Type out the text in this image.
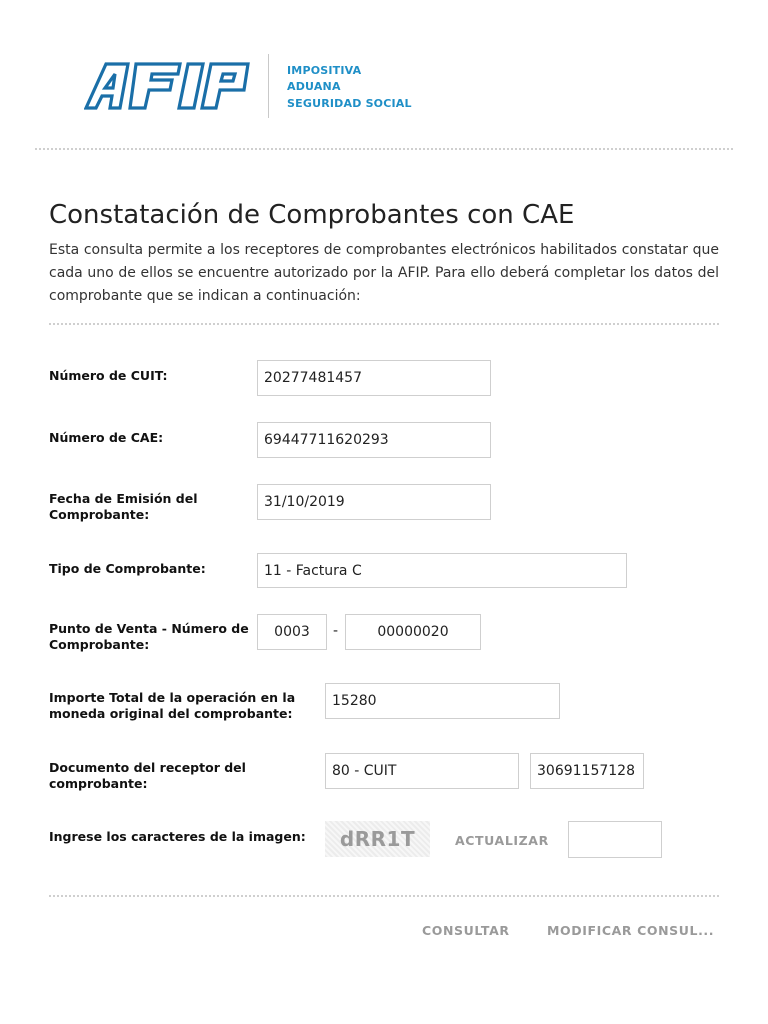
IMPOSITIVA
ADUANA
SEGURIDAD SOCIAL
Constatación de Comprobantes con CAE
Esta consulta permite a los receptores de comprobantes electrónicos habilitados constatar que cada uno de ellos se encuentre autorizado por la AFIP. Para ello deberá completar los datos del comprobante que se indican a continuación:
Número de CUIT:	20277481457
Número de CAE:	69447711620293
Fecha de Emisión del Comprobante:
31/10/2019
Tipo de Comprobante:	11 - Factura C
Punto de Venta - Número de Comprobante:
0003	-	00000020
Importe Total de la operación en la moneda original del comprobante:
15280
Documento del receptor del comprobante:
80 - CUIT	30691157128
Ingrese los caracteres de la imagen:	dRR1T	ACTUALIZAR
CONSULTAR	MODIFICAR CONSUL...
